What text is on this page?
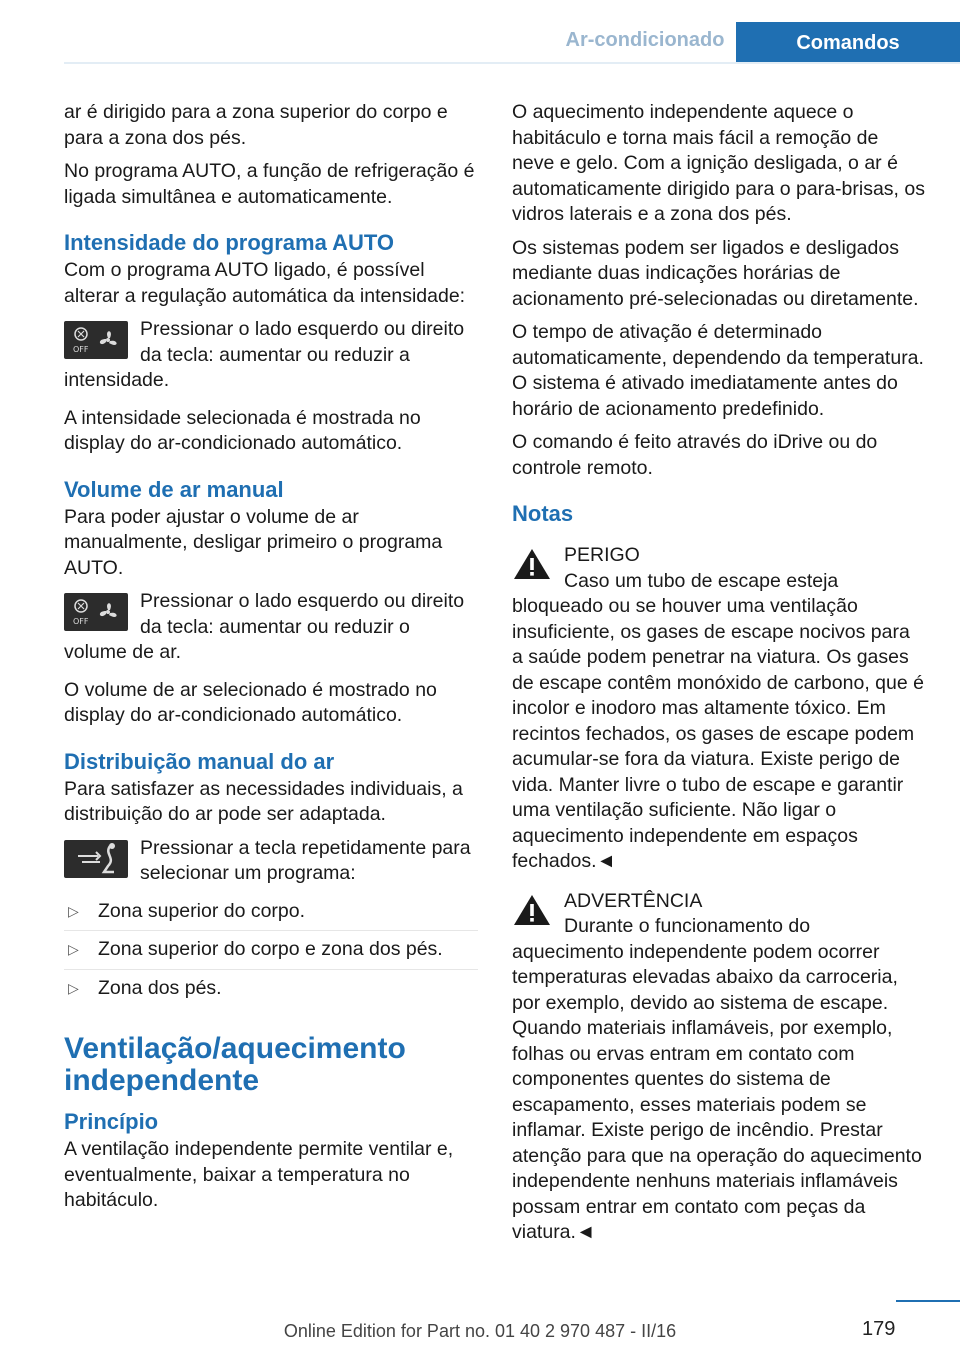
Ar-condicionado	Comandos

ar é dirigido para a zona superior do corpo e para a zona dos pés.

No programa AUTO, a função de refrigeração é ligada simultânea e automaticamente.

Intensidade do programa AUTO

Com o programa AUTO ligado, é possível alterar a regulação automática da intensidade:

OFF
Pressionar o lado esquerdo ou direito da tecla: aumentar ou reduzir a intensidade.

A intensidade selecionada é mostrada no display do ar-condicionado automático.

Volume de ar manual

Para poder ajustar o volume de ar manualmente, desligar primeiro o programa AUTO.

OFF
Pressionar o lado esquerdo ou direito da tecla: aumentar ou reduzir o volume de ar.

O volume de ar selecionado é mostrado no display do ar-condicionado automático.

Distribuição manual do ar

Para satisfazer as necessidades individuais, a distribuição do ar pode ser adaptada.

Pressionar a tecla repetidamente para selecionar um programa:
▷ Zona superior do corpo.
▷ Zona superior do corpo e zona dos pés.
▷ Zona dos pés.
Ventilação/aquecimento independente
Princípio

A ventilação independente permite ventilar e, eventualmente, baixar a temperatura no habitáculo.

O aquecimento independente aquece o habitáculo e torna mais fácil a remoção de neve e gelo. Com a ignição desligada, o ar é automaticamente dirigido para o para-brisas, os vidros laterais e a zona dos pés.

Os sistemas podem ser ligados e desligados mediante duas indicações horárias de acionamento pré-selecionadas ou diretamente.

O tempo de ativação é determinado automaticamente, dependendo da temperatura. O sistema é ativado imediatamente antes do horário de acionamento predefinido.

O comando é feito através do iDrive ou do controle remoto.

Notas
PERIGO

Caso um tubo de escape esteja bloqueado ou se houver uma ventilação insuficiente, os gases de escape nocivos para a saúde podem penetrar na viatura. Os gases de escape contêm monóxido de carbono, que é incolor e inodoro mas altamente tóxico. Em recintos fechados, os gases de escape podem acumular-se fora da viatura. Existe perigo de vida. Manter livre o tubo de escape e garantir uma ventilação suficiente. Não ligar o aquecimento independente em espaços fechados.◄

ADVERTÊNCIA

Durante o funcionamento do aquecimento independente podem ocorrer temperaturas elevadas abaixo da carroceria, por exemplo, devido ao sistema de escape. Quando materiais inflamáveis, por exemplo, folhas ou ervas entram em contato com componentes quentes do sistema de escapamento, esses materiais podem se inflamar. Existe perigo de incêndio. Prestar atenção para que na operação do aquecimento independente nenhuns materiais inflamáveis possam entrar em contato com peças da viatura.◄

179
Online Edition for Part no. 01 40 2 970 487 - II/16
